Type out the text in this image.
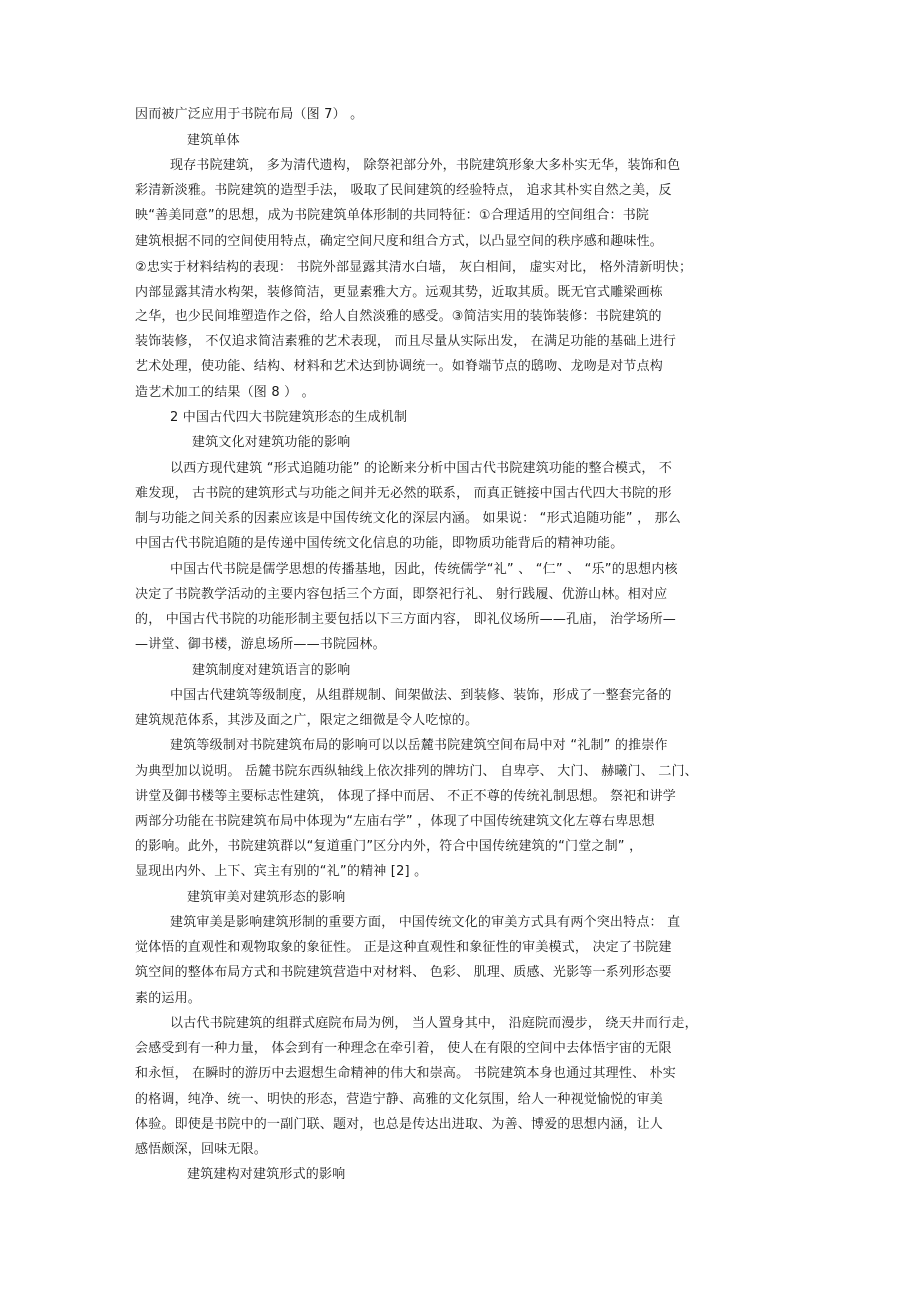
因而被广泛应用于书院布局（图 7） 。
建筑单体
现存书院建筑， 多为清代遗构， 除祭祀部分外，书院建筑形象大多朴实无华，装饰和色
彩清新淡雅。书院建筑的造型手法， 吸取了民间建筑的经验特点， 追求其朴实自然之美，反
映“善美同意”的思想，成为书院建筑单体形制的共同特征：①合理适用的空间组合：书院
建筑根据不同的空间使用特点，确定空间尺度和组合方式，以凸显空间的秩序感和趣味性。
②忠实于材料结构的表现： 书院外部显露其清水白墙， 灰白相间， 虚实对比， 格外清新明快；
内部显露其清水构架，装修简洁，更显素雅大方。远观其势，近取其质。既无官式雕梁画栋
之华，也少民间堆塑造作之俗，给人自然淡雅的感受。③简洁实用的装饰装修：书院建筑的
装饰装修， 不仅追求简洁素雅的艺术表现， 而且尽量从实际出发， 在满足功能的基础上进行
艺术处理，使功能、结构、材料和艺术达到协调统一。如脊端节点的鸱吻、龙吻是对节点构
造艺术加工的结果（图 8 ） 。
2 中国古代四大书院建筑形态的生成机制
建筑文化对建筑功能的影响
以西方现代建筑 “形式追随功能” 的论断来分析中国古代书院建筑功能的整合模式， 不
难发现， 古书院的建筑形式与功能之间并无必然的联系， 而真正链接中国古代四大书院的形
制与功能之间关系的因素应该是中国传统文化的深层内涵。 如果说： “形式追随功能” ， 那么
中国古代书院追随的是传递中国传统文化信息的功能，即物质功能背后的精神功能。
中国古代书院是儒学思想的传播基地，因此，传统儒学“礼” 、 “仁” 、 “乐”的思想内核
决定了书院教学活动的主要内容包括三个方面，即祭祀行礼、 射行践履、优游山林。相对应
的， 中国古代书院的功能形制主要包括以下三方面内容， 即礼仪场所——孔庙， 治学场所—
—讲堂、御书楼，游息场所——书院园林。
建筑制度对建筑语言的影响
中国古代建筑等级制度，从组群规制、间架做法、到装修、装饰，形成了一整套完备的
建筑规范体系，其涉及面之广，限定之细微是令人吃惊的。
建筑等级制对书院建筑布局的影响可以以岳麓书院建筑空间布局中对 “礼制” 的推崇作
为典型加以说明。 岳麓书院东西纵轴线上依次排列的牌坊门、 自卑亭、 大门、 赫曦门、 二门、
讲堂及御书楼等主要标志性建筑， 体现了择中而居、 不正不尊的传统礼制思想。 祭祀和讲学
两部分功能在书院建筑布局中体现为“左庙右学” ，体现了中国传统建筑文化左尊右卑思想
的影响。此外，书院建筑群以“复道重门”区分内外，符合中国传统建筑的“门堂之制” ，
显现出内外、上下、宾主有别的“礼”的精神 [2] 。
建筑审美对建筑形态的影响
建筑审美是影响建筑形制的重要方面， 中国传统文化的审美方式具有两个突出特点： 直
觉体悟的直观性和观物取象的象征性。 正是这种直观性和象征性的审美模式， 决定了书院建
筑空间的整体布局方式和书院建筑营造中对材料、 色彩、 肌理、质感、光影等一系列形态要
素的运用。
以古代书院建筑的组群式庭院布局为例， 当人置身其中， 沿庭院而漫步， 绕天井而行走，
会感受到有一种力量， 体会到有一种理念在牵引着， 使人在有限的空间中去体悟宇宙的无限
和永恒， 在瞬时的游历中去遐想生命精神的伟大和崇高。 书院建筑本身也通过其理性、 朴实
的格调，纯净、统一、明快的形态，营造宁静、高雅的文化氛围，给人一种视觉愉悦的审美
体验。即使是书院中的一副门联、题对，也总是传达出进取、为善、博爱的思想内涵，让人
感悟颇深，回味无限。
建筑建构对建筑形式的影响
